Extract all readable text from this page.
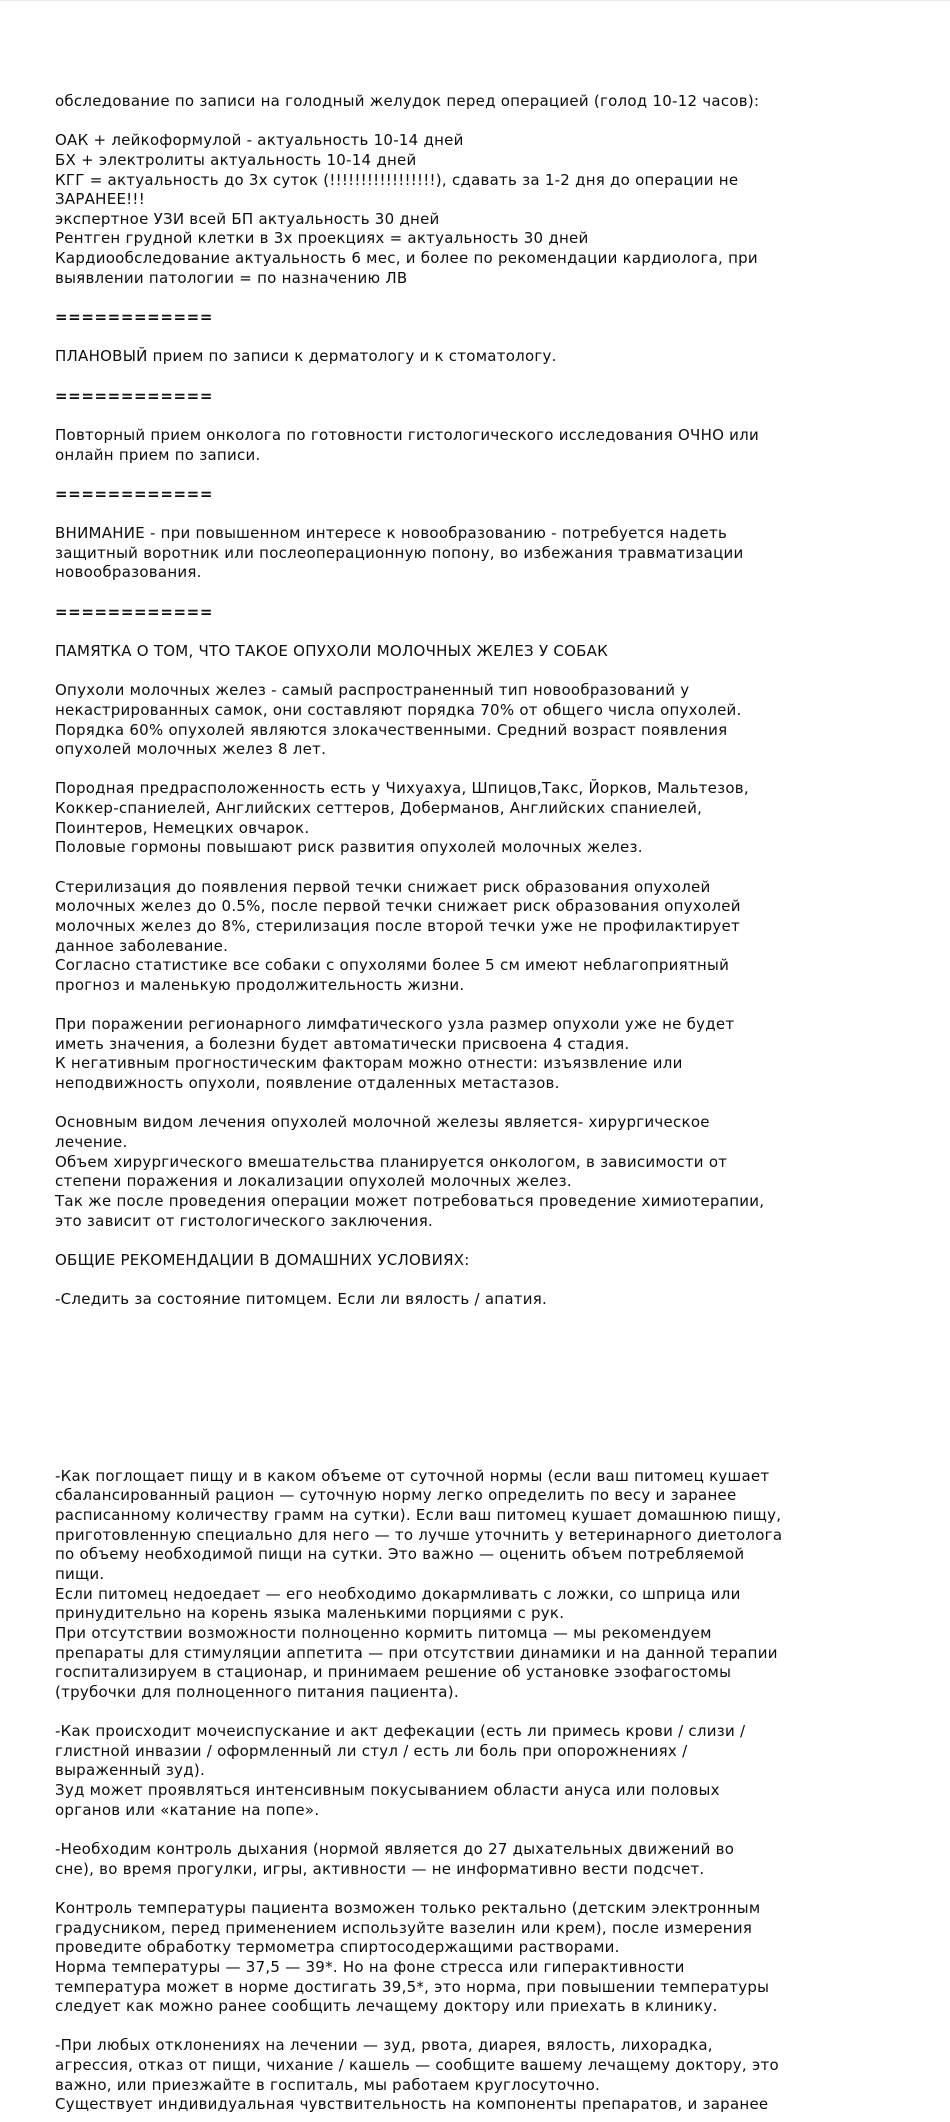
обследование по записи на голодный желудок перед операцией (голод 10-12 часов):
ОАК + лейкоформулой - актуальность 10-14 дней
БХ + электролиты актуальность 10-14 дней
КГГ = актуальность до 3х суток (!!!!!!!!!!!!!!!!!), сдавать за 1-2 дня до операции не
ЗАРАНЕЕ!!!
экспертное УЗИ всей БП актуальность 30 дней
Рентген грудной клетки в 3х проекциях = актуальность 30 дней
Кардиообследование актуальность 6 мес, и более по рекомендации кардиолога, при
выявлении патологии = по назначению ЛВ
============
ПЛАНОВЫЙ прием по записи к дерматологу и к стоматологу.
============
Повторный прием онколога по готовности гистологического исследования ОЧНО или
онлайн прием по записи.
============
ВНИМАНИЕ - при повышенном интересе к новообразованию - потребуется надеть
защитный воротник или послеоперационную попону, во избежания травматизации
новообразования.
============
ПАМЯТКА О ТОМ, ЧТО ТАКОЕ ОПУХОЛИ МОЛОЧНЫХ ЖЕЛЕЗ У СОБАК
Опухоли молочных желез - самый распространенный тип новообразований у
некастрированных самок, они составляют порядка 70% от общего числа опухолей.
Порядка 60% опухолей являются злокачественными. Средний возраст появления
опухолей молочных желез 8 лет.
Породная предрасположенность есть у Чихуахуа, Шпицов,Такс, Йорков, Мальтезов,
Коккер-спаниелей, Английских сеттеров, Доберманов, Английских спаниелей,
Поинтеров, Немецких овчарок.
Половые гормоны повышают риск развития опухолей молочных желез.
Стерилизация до появления первой течки снижает риск образования опухолей
молочных желез до 0.5%, после первой течки снижает риск образования опухолей
молочных желез до 8%, стерилизация после второй течки уже не профилактирует
данное заболевание.
Согласно статистике все собаки с опухолями более 5 см имеют неблагоприятный
прогноз и маленькую продолжительность жизни.
При поражении регионарного лимфатического узла размер опухоли уже не будет
иметь значения, а болезни будет автоматически присвоена 4 стадия.
К негативным прогностическим факторам можно отнести: изъязвление или
неподвижность опухоли, появление отдаленных метастазов.
Основным видом лечения опухолей молочной железы является- хирургическое
лечение.
Объем хирургического вмешательства планируется онкологом, в зависимости от
степени поражения и локализации опухолей молочных желез.
Так же после проведения операции может потребоваться проведение химиотерапии,
это зависит от гистологического заключения.
ОБЩИЕ РЕКОМЕНДАЦИИ В ДОМАШНИХ УСЛОВИЯХ:
-Следить за состояние питомцем. Если ли вялость / апатия.
-Как поглощает пищу и в каком объеме от суточной нормы (если ваш питомец кушает
сбалансированный рацион — суточную норму легко определить по весу и заранее
расписанному количеству грамм на сутки). Если ваш питомец кушает домашнюю пищу,
приготовленную специально для него — то лучше уточнить у ветеринарного диетолога
по объему необходимой пищи на сутки. Это важно — оценить объем потребляемой
пищи.
Если питомец недоедает — его необходимо докармливать с ложки, со шприца или
принудительно на корень языка маленькими порциями с рук.
При отсутствии возможности полноценно кормить питомца — мы рекомендуем
препараты для стимуляции аппетита — при отсутствии динамики и на данной терапии
госпитализируем в стационар, и принимаем решение об установке эзофагостомы
(трубочки для полноценного питания пациента).
-Как происходит мочеиспускание и акт дефекации (есть ли примесь крови / слизи /
глистной инвазии / оформленный ли стул / есть ли боль при опорожнениях /
выраженный зуд).
Зуд может проявляться интенсивным покусыванием области ануса или половых
органов или «катание на попе».
-Необходим контроль дыхания (нормой является до 27 дыхательных движений во
сне), во время прогулки, игры, активности — не информативно вести подсчет.
Контроль температуры пациента возможен только ректально (детским электронным
градусником, перед применением используйте вазелин или крем), после измерения
проведите обработку термометра спиртосодержащими растворами.
Норма температуры — 37,5 — 39*. Но на фоне стресса или гиперактивности
температура может в норме достигать 39,5*, это норма, при повышении температуры
следует как можно ранее сообщить лечащему доктору или приехать в клинику.
-При любых отклонениях на лечении — зуд, рвота, диарея, вялость, лихорадка,
агрессия, отказ от пищи, чихание / кашель — сообщите вашему лечащему доктору, это
важно, или приезжайте в госпиталь, мы работаем круглосуточно.
Существует индивидуальная чувствительность на компоненты препаратов, и заранее
